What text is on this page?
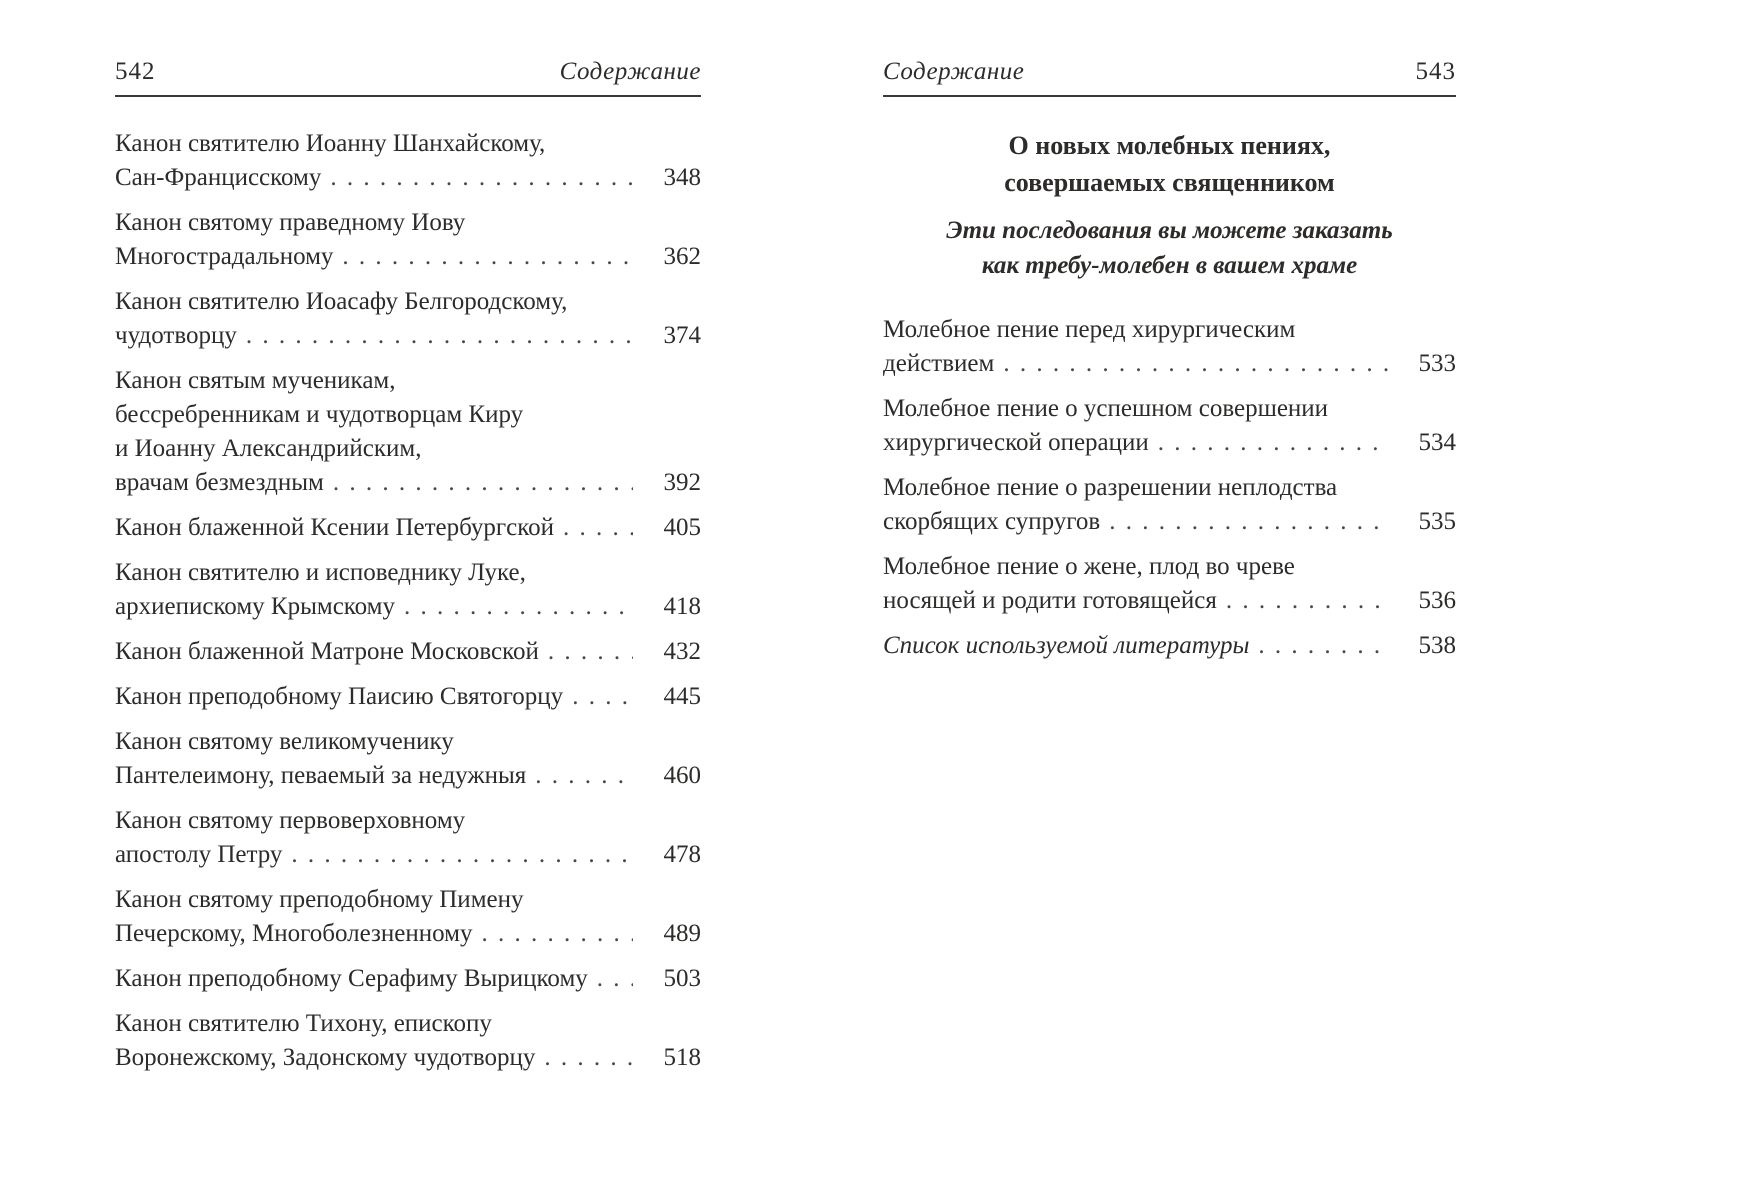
542	Содержание
Канон святителю Иоанну Шанхайскому,
Сан-Францисскому . . .	348
Канон святому праведному Иову
Многострадальному . . .	362
Канон святителю Иоасафу Белгородскому,
чудотворцу . . .	374
Канон святым мученикам,
бессребренникам и чудотворцам Киру
и Иоанну Александрийским,
врачам безмездным . . .	392
Канон блаженной Ксении Петербургской . . .	405
Канон святителю и исповеднику Луке,
архиепискому Крымскому . . .	418
Канон блаженной Матроне Московской . . .	432
Канон преподобному Паисию Святогорцу . . .	445
Канон святому великомученику
Пантелеимону, певаемый за недужныя . . .	460
Канон святому первоверховному
апостолу Петру . . .	478
Канон святому преподобному Пимену
Печерскому, Многоболезненному . . .	489
Канон преподобному Серафиму Вырицкому . . .	503
Канон святителю Тихону, епископу
Воронежскому, Задонскому чудотворцу . . .	518
Содержание	543
О новых молебных пениях,
совершаемых священником
Эти последования вы можете заказать
как требу-молебен в вашем храме
Молебное пение перед хирургическим
действием . . .	533
Молебное пение о успешном совершении
хирургической операции . . .	534
Молебное пение о разрешении неплодства
скорбящих супругов . . .	535
Молебное пение о жене, плод во чреве
носящей и родити готовящейся . . .	536
Список используемой литературы . . .	538
